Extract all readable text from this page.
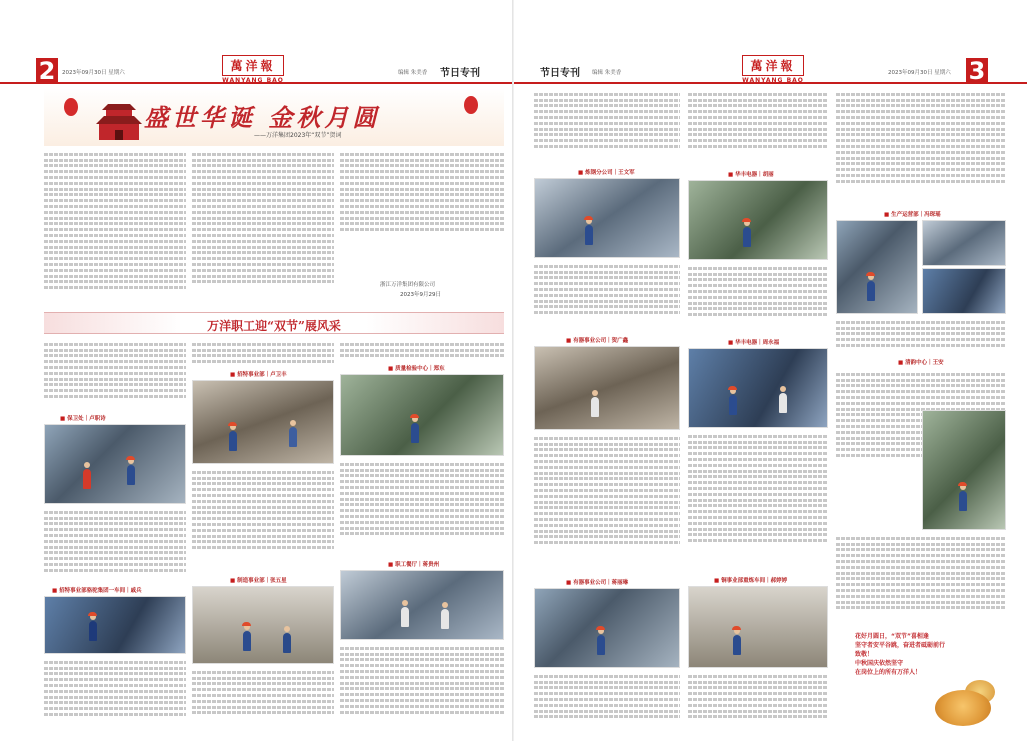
2	2023年09月30日 星期六	萬洋報
WANYANG BAO
编辑 朱美香 节日专刊
盛世华诞 金秋月圆
——万洋集团2023年“双节”贺词
浙江万洋集团有限公司
2023年9月29日
万洋职工迎“双节”展风采
■ 保卫处｜卢职诗
■ 招特事业部骆驼集团一车间｜戚兵
■ 招特事业部｜卢卫丰
■ 制造事业部｜张五星
■ 质量检验中心｜郑东
■ 职工餐厅｜蒋贵州
节日专刊 编辑 朱美香	萬洋報
WANYANG BAO
2023年09月30日 星期六 3
■ 炼钢分公司｜王文军
■ 有器事业公司｜贺广鑫
■ 有器事业公司｜蒋丽琳
■ 华丰电器｜胡丽
■ 华丰电器｜周永福
■ 铜事业部重炼车间｜郝婷婷
■ 生产运营部｜冯琛瑶
■ 清韵中心｜王安
花好月圆日，“双节”喜相逢
坚守者安平谷跳，奋进者砥砺前行
致敬！
中秋国庆依然坚守
在岗位上的所有万洋人！
